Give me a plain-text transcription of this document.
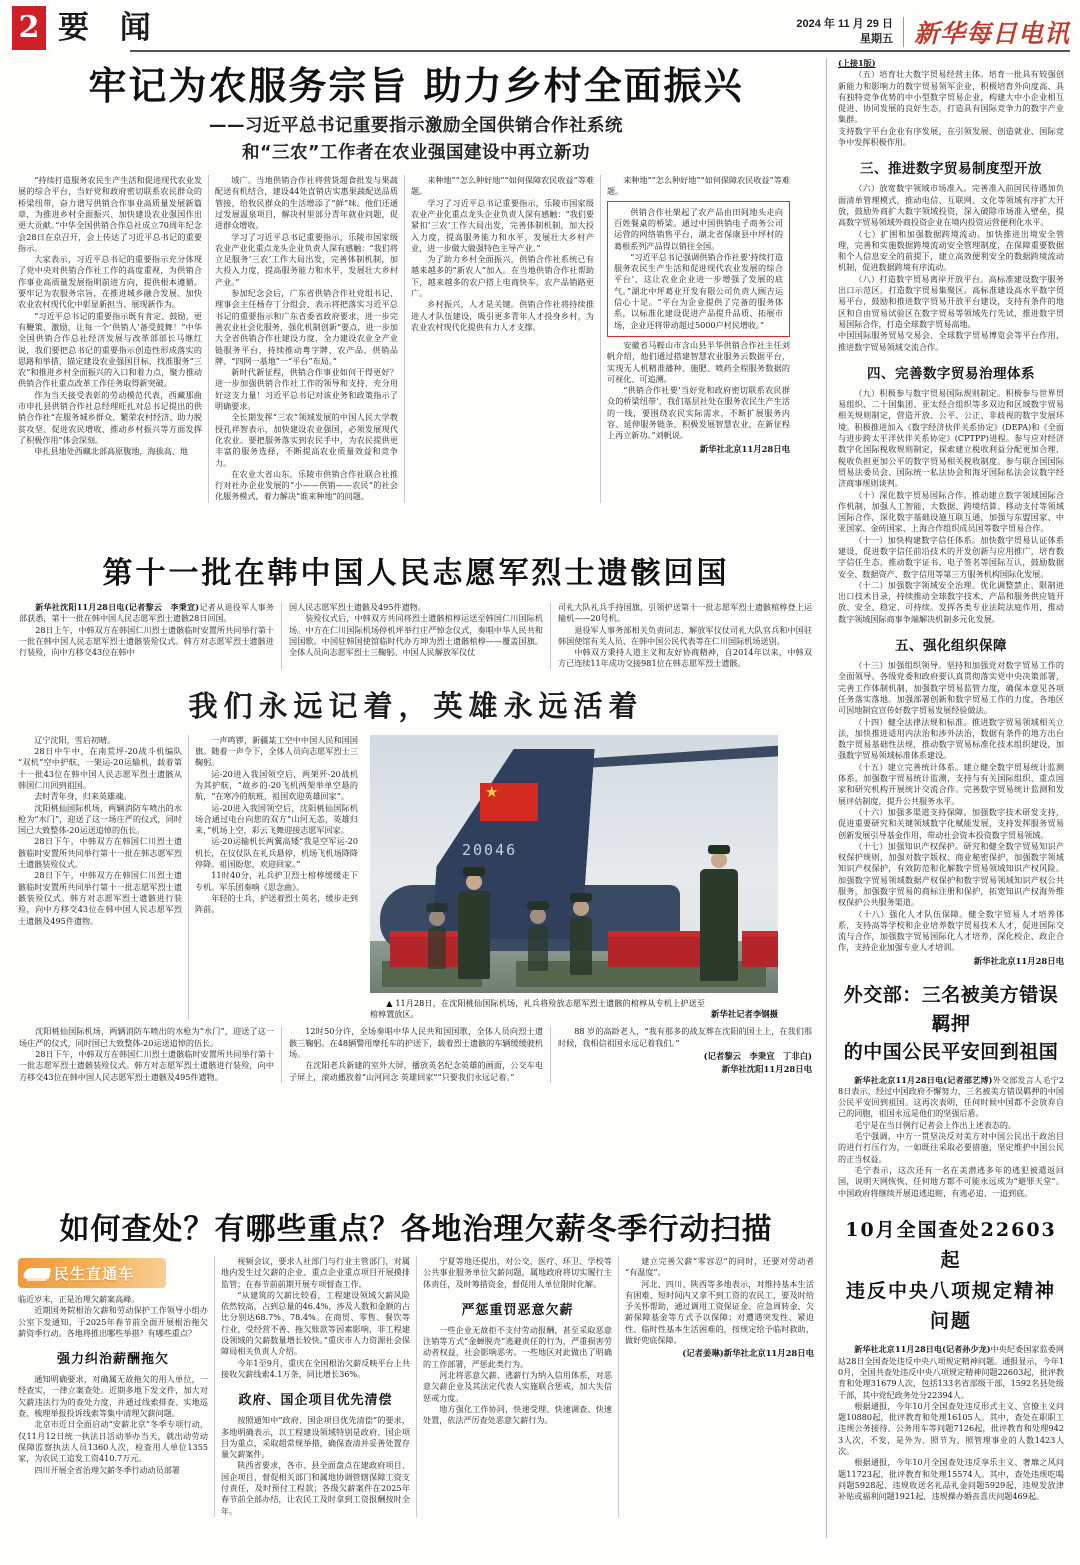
2 要 闻	2024 年 11 月 29 日
星期五 新华每日电讯
牢记为农服务宗旨 助力乡村全面振兴
——习近平总书记重要指示激励全国供销合作社系统
和“三农”工作者在农业强国建设中再立新功

“持续打造服务农民生产生活和促进现代农业发展的综合平台，当好党和政府密切联系农民群众的桥梁纽带，奋力谱写供销合作事业高质量发展新篇章，为推进乡村全面振兴、加快建设农业强国作出更大贡献。”中华全国供销合作总社成立70周年纪念会28日在京召开，会上传达了习近平总书记的重要指示。

大家表示，习近平总书记的重要指示充分体现了党中央对供销合作社工作的高度重视，为供销合作事业高质量发展指明前进方向，提供根本遵循。要牢记为农服务宗旨，在推进城乡融合发展、加快农业农村现代化中彰显新担当、展现新作为。

“习近平总书记的重要指示既有肯定、鼓励，更有鞭策、激励，让每一个‘供销人’备受鼓舞！”中华全国供销合作总社经济发展与改革部部长马继红说，我们要把总书记的重要指示创造性形成落实的思路和举措，锚定建设农业强国目标，找准服务“三农”和推进乡村全面振兴的入口和着力点，聚力推动供销合作社重点改革工作任务取得新突破。

作为当天接受表彰的劳动模范代表，西藏那曲市申扎县供销合作社总经理旺扎对总书记提出的供销合作社“在服务城乡群众、繁荣农村经济、助力脱贫攻坚、促进农民增收、推动乡村振兴等方面发挥了积极作用”体会深刻。

申扎县地处西藏北部高原腹地，海拔高、地

域广。当地供销合作社将营货超食批发与果蔬配送有机结合，建设44处直销店实惠果蔬配送品质管接，给牧民群众的生活增添了“鲜”味。他们还通过发展温泉项目，解决村里部分青年就业问题，促进群众增收。

学习了习近平总书记重要指示，乐陵市国家级农业产业化重点龙头企业负责人深有感触：“我们将立足服务‘三农’工作大局出发，完善体制机制，加大投入力度，提高服务能力和水平，发展壮大乡村产业。”

参加纪念会后，广东省供销合作社党组书记、理事会主任杨存丁分组会、表示将把落实习近平总书记的重要指示和广东省委省政府要求，进一步完善农业社会化服务，强化机制创新“要点，进一步加大全省供销合作社建设力度，全力建设农业全产业链服务平台，持续推动粤字牌、农产品、供销品牌、“四网一基地”一“平台”布局。”

新时代新征程，供销合作事业如何干得更好？进一步加强供销合作社工作的领导和支持，充分用好这支力量！习近平总书记对该业务和政策指示了明确要求。

全长期发挥“三农”领域发展的中国人民大学教授孔祥智表示，加快建设农业强国，必须发展现代化农业。要把服务落实到农民手中，为农民提供更丰富的服务选择，不断提高农业质量效益和竞争力。

在农业大省山东，乐陵市供销合作社联合社推行对社办企业发展的“小——供销——农民”的社会化服务模式，着力解决“谁来种地”的问题。

来种地”“怎么种好地”“如何保障农民收益”等难题。

学习了习近平总书记重要指示，乐陵市国家级农业产业化重点龙头企业负责人深有感触：“我们要紧扣‘三农’工作大局出发，完善体制机制，加大投入力度，提高服务能力和水平，发展壮大乡村产业，进一步做大做强特色主导产业。”

为了助力乡村全面振兴，供销合作社系统已有越来越多的“新农人”加入。在当地供销合作社帮助下，越来越多的农户搭上电商快车，农产品销路更广。

乡村振兴，人才是关键。供销合作社将持续推进人才队伍建设，吸引更多青年人才投身乡村，为农业农村现代化提供有力人才支撑。

来种地”“怎么种好地”“如何保障农民收益”等难题。

供销合作社架起了农产品由田间地头走向百姓餐桌的桥梁。通过中国供销电子商务公司运营的网络销售平台，湖北省保康县中坪村的葛根系列产品得以销往全国。

“习近平总书记强调供销合作社要‘持续打造服务农民生产生活和促进现代农业发展的综合平台’，这让农业企业进一步增强了发展的底气。”湖北中坪葛业开发有限公司负责人顾吉运信心十足。“平台为企业提供了完备的服务体系，以标准化建设促进产品提升品质、拓展市场，企业还将带动超过5000户村民增收。”

安徽省马鞍山市含山县半华供销合作社主任刘帆介绍，他们通过搭建智慧农业服务云数据平台，实现无人机精准播种、施肥、喷药全程服务数据的可视化、可追溯。

“供销合作社要‘当好党和政府密切联系农民群众的桥梁纽带’，我们基层社处在服务农民生产生活的一线，要围绕农民实际需求，不断扩展服务内容、延伸服务链条，积极发展智慧农业，在新征程上再立新功。”刘帆说。

新华社北京11月28日电
第十一批在韩中国人民志愿军烈士遗骸回国

新华社沈阳11月28日电(记者黎云　李秉宣)记者从退役军人事务部获悉，第十一批在韩中国人民志愿军烈士遗骸28日回国。

28日上午，中韩双方在韩国仁川烈士遗骸临时安置所共同举行第十一批在韩中国人民志愿军烈士遗骸装殓仪式。韩方对志愿军烈士遗骸进行装殓，向中方移交43位在韩中

国人民志愿军烈士遗骸及495件遗物。

装殓仪式后，中韩双方共同将烈士遗骸棺椁运送至韩国仁川国际机场。中方在仁川国际机场停机坪举行庄严悼念仪式，奏唱中华人民共和国国歌。中国驻韩国使馆临时代办方坤为烈士遗骸棺椁——覆盖国旗。全体人员向志愿军烈士三鞠躬。中国人民解放军仪仗

司礼大队礼兵手持国旗，引领护送第十一批志愿军烈士遗骸棺椁登上运输机——20号机。

退役军人事务部相关负责同志、解放军仪仗司礼大队官兵和中国驻韩国使馆有关人员、在韩中国公民代表等在仁川国际机场送别。

中韩双方秉持人道主义和友好协商精神，自2014年以来，中韩双方已连续11年成功交接981位在韩志愿军烈士遗骸。

我们永远记着，英雄永远活着

辽宁沈阳，雪后初晴。

28日中午中，在南荒坪-20战斗机编队“双机”空中护航，一架运-20运输机，载着第十一批43位在韩中国人民志愿军烈士遗骸从韩国仁川回到祖国。

去时青年身，归来英雄魂。

沈阳桃仙国际机场，两辆消防车喷出的水枪为“水门”，迎送了这一场庄严的仪式，同时国已大致整体-20运送追悼的伍长。

28日下午，中韩双方在韩国仁川烈士遗骸临时安置所共同举行第十一批在韩志愿军烈士遗骸装殓仪式。

28日下午，中韩双方在韩国仁川烈士遗骸临时安置所共同举行第十一批志愿军烈士遗骸装殓仪式。韩方对志愿军烈士遗骸进行装殓，向中方移交43位在韩中国人民志愿军烈士遗骸及495件遗物。

一声鸣锣，新疆某工空中中国人民和国国旗。随着一声令下，全体人员向志愿军烈士三鞠躬。

运-20进入我国领空后，两架歼-20战机为其护航，“故乡的-20飞机两架举单空悬的航，“在寒冷的航班，祖国欢迎英雄回家”。

运-20进入我国领空后，沈阳桃仙国际机场合通过电台向您的双方“山河无恙，英雄归来，”机场上空，彩云飞舞迎接志愿军回家。

运-20运输机长两翼高矮“我是空军运-20机长，在仪仗队在礼兵悬停，机场飞机场降降停降。祖国盼您，欢迎回家。”

11时40分，礼兵护卫烈士棺椁缓缓走下专机。军乐团奏响《思念曲》。

年轻的士兵，护送着烈士英名，缓步走到阵前。

★
20046
▲ 11月28日，在沈阳桃仙国际机场，礼兵将殓放志愿军烈士遗骸的棺椁从专机上护送至棺椁置放区。	新华社记者李钢摄

沈阳桃仙国际机场，两辆消防车喷出的水枪为“水门”，迎送了这一场庄严的仪式，同时国已大致整体-20运送追悼的伍长。

28日下午，中韩双方在韩国仁川烈士遗骸临时安置所共同举行第十一批志愿军烈士遗骸装殓仪式。韩方对志愿军烈士遗骸进行装殓，向中方移交43位在韩中国人民志愿军烈士遗骸及495件遗物。

12时50分许，全场奏唱中华人民共和国国歌，全体人员向烈士遗骸三鞠躬。在48辆警用摩托车的护送下，载着烈士遗骸的车辆缓缓驶机场。

在沈阳老兵新建的室外大屏，播放英名纪念英雄的画面，公交车电子屏上，滚动播放着“山河同念 英雄回家”“只要我们永远记着。”

88 岁的高龄老人，“我有那多的战友葬在沈阳的国土上，在我们那时候，我相信祖国永远记着我们。”

(记者黎云　李秉宣　丁非白)
新华社沈阳11月28日电
如何查处？有哪些重点？各地治理欠薪冬季行动扫描
民生直通车

临近岁末，正是治理欠薪案高峰。

近期国务院根治欠薪和劳动保护工作领导小组办公室下发通知，于2025年春节前全面开展根治拖欠薪资季行动。各地将推出哪些举措？有哪些重点？

强力纠治薪酬拖欠

通知明确要求，对确属无故拖欠的用人单位，一经查实，一律立案查处。近期多地下发文件，加大对欠薪违法行为的查处力度，并通过线索排查、实地巡查、梳理举报投诉线索等集中清理欠薪问题。

北京市近日全面启动“安薪北京”冬季专项行动，仅11月12日统一执法日活动举办当天，就出动劳动保障监察执法人员1360人次，检查用人单位1355家，为农民工追发工资410.7万元。

四川开展全省治理欠薪冬季行动动员部署

视频会议，要求人社部门与行业主管部门，对属地内发生过欠薪的企业、重点企业重点项目开展摸排监管；在春节前前期开展专项督查工作。

“从建筑的欠薪比较看，工程建设领域欠薪风险依然较高，占到总量的46.4%，涉及人数和金额的占比分别达68.7%、78.4%。在商贸、零售、餐饮等行业，受经营不善、拖欠账款等因素影响，非工程建设领域的欠薪数量增长较快。”重庆市人力资源社会保障局相关负责人介绍。

今年1至9月，重庆在全国根治欠薪反映平台上共接收欠薪线索4.1万条，同比增长36%。

政府、国企项目优先清偿

按照通知中“政府、国企项目优先清偿”的要求，多地明确表示，以工程建设领域特别是政府、国企项目为重点，采取超常规举措，确保查清并妥善处置存量欠薪案件。

陕西省要求，各市、县全面盘点在建政府项目、国企项目，督促相关部门和属地协调管辖保障工资支付责任，及时预付工程款；各级欠薪案件在2025年春节前全部办结，让农民工及时拿到工资报酬按时全年。

宁夏等地还提出，对公交、医疗、环卫、学校等公共事业服务单位欠薪问题，属地政府将切实履行主体责任，及时筹措资金，督促用人单位限时化解。

严惩重罚恶意欠薪

一些企业无故拒不支付劳动报酬，甚至采取恶意注销等方式“金蝉脱壳”逃避责任的行为，严重损害劳动者权益，社会影响恶劣。一些地区对此做出了明确的工作部署，严惩此类行为。

河北将恶意欠薪、逃薪行为纳入信用体系，对恶意欠薪企业及其法定代表人实施联合惩戒，加大失信惩戒力度。

地方强化工作协同，快速受理、快速调查、快速处置，依法严厉查处恶意欠薪行为。

建立完善欠薪“零容忍”的同时，还要对劳动者“有温度”。

河北、四川、陕西等多地表示，对维持基本生活有困难、短时间内又拿不到工资的农民工，要及时给予关怀帮助，通过调用工资保证金、应急周转金、欠薪保障基金等方式予以保障；对遭遇突发性、紧迫性、临时性基本生活困难的，按规定给予临时救助，做好兜底保障。

(记者姜琳)新华社北京11月28日电

(上接1版)

（五）培育壮大数字贸易经营主体。培育一批具有较强创新能力和影响力的数字贸易领军企业，积极培育外向度高、具有独特竞争优势的中小型数字贸易企业，构建大中小企业相互促进、协同发展的良好生态，打造具有国际竞争力的数字产业集群。

支持数字平台企业有序发展，在引领发展、创造就业、国际竞争中发挥积极作用。

三、推进数字贸易制度型开放

（六）放宽数字领域市场准入。完善准入前国民待遇加负面清单管理模式，推动电信、互联网、文化等领域有序扩大开放，鼓励外商扩大数字领域投资，深入破除市场准入壁垒，提高数字贸易领域外商投资企业在境内投资运营便利化水平。

（七）扩围和加强数据跨境流动。加快推进出境安全管理，完善和实施数据跨境流动安全管理制度，在保障重要数据和个人信息安全的前提下，建立高效便利安全的数据跨境流动机制，促进数据跨境有序流动。

（八）打造数字贸易离岸开放平台。高标准建设数字服务出口示范区，打造数字贸易集聚区。高标准建设高水平数字贸易平台，鼓励和推进数字贸易开放平台建设，支持有条件的地区和自由贸易试验区在数字贸易等领域先行先试，推进数字贸易国际合作，打造全球数字贸易高地。

中国国际服务贸易交易会、全球数字贸易博览会等平台作用，推进数字贸易领域交流合作。

四、完善数字贸易治理体系

（九）积极参与数字贸易国际规则制定。积极参与世界贸易组织、二十国集团、亚太经合组织等多双边和区域数字贸易相关规则制定，营造开放、公平、公正、非歧视的数字发展环境。积极推进加入《数字经济伙伴关系协定》(DEPA)和《全面与进步跨太平洋伙伴关系协定》(CPTPP)进程。参与应对经济数字化国际税收规则制定，探索建立税收利益分配更加合理、税收负担更加公平的数字贸易相关税收制度。参与联合国国际贸易法委员会、国际统一私法协会和海牙国际私法会议数字经济商事规则谈判。

（十）深化数字贸易国际合作。推动建立数字领域国际合作机制，加强人工智能、大数据、跨境结算、移动支付等领域国际合作，深化数字基础设施互联互通，加强与东盟国家、中亚国家、金砖国家、上海合作组织成员国等数字贸易合作。

（十一）加快构建数字信任体系。加快数字贸易认证体系建设，促进数字信任前沿技术的开发创新与应用推广，培育数字信任生态，推动数字证书、电子签名等国际互认，鼓励数据安全、数据资产、数字信用等第三方服务机构国际化发展。

（十二）加强数字领域安全治理。优化调整禁止、限制进出口技术目录，持续推动全球数字技术、产品和服务供应链开放、安全、稳定、可持续。发挥各类专业法院法庭作用，推动数字领域国际商事争端解决机制多元化发展。

五、强化组织保障

（十三）加强组织领导。坚持和加强党对数字贸易工作的全面领导。各级党委和政府要认真贯彻落实党中央决策部署，完善工作体制机制，加强数字贸易监管力度，确保本意见各项任务落实落地。加强部署创新和数字贸易工作的力度，各地区可因地制宜宣传好数字贸易发展经验做法。

（十四）健全法律法规和标准。推进数字贸易领域相关立法，加快推进适用内法治和涉外法治，数据有条件的地方出台数字贸易基础性法规，推动数字贸易标准化技术组织建设，加强数字贸易领域标准体系建设。

（十五）建立完善统计体系。建立健全数字贸易统计监测体系，加强数字贸易统计监测，支持与有关国际组织、重点国家和研究机构开展统计交流合作。完善数字贸易统计监测和发展评估制度，提升公共服务水平。

（十六）加强多渠道支持保障。加强数字技术研发支持，促进重要研究和关键领域数字化赋能发展，支持发挥服务贸易创新发展引导基金作用，带动社会资本投资数字贸易领域。

（十七）加强知识产权保护。研究和健全数字贸易知识产权保护规则，加强对数字版权、商业秘密保护，加强数字领域知识产权保护，有效防范和化解数字贸易领域知识产权风险。加强数字贸易领域数据产权保护和数字贸易领域知识产权公共服务，加强数字贸易的商标注册和保护，拓宽知识产权海外维权保护公共服务渠道。

（十八）强化人才队伍保障。健全数字贸易人才培养体系，支持高等学校和企业培养数字贸易技术人才，促进国际交流与合作，加强数字贸易国际化人才培养，深化校企、政企合作，支持企业加强专业人才培训。

新华社北京11月28日电
外交部：三名被美方错误羁押
的中国公民平安回到祖国

新华社北京11月28日电(记者邵艺博)外交部发言人毛宁28日表示，经过中国政府不懈努力，三名被美方错误羁押的中国公民平安回到祖国。这再次表明，任何时候中国都不会放弃自己的同胞，祖国永远是他们的坚强后盾。

毛宁是在当日例行记者会上作出上述表态的。

毛宁强调，中方一贯坚决反对美方对中国公民出于政治目的进行打压行为，一如既往采取必要措施，坚定维护中国公民的正当权益。

毛宁表示，这次还有一名在美潜逃多年的逃犯被遣返回国，说明天网恢恢，任何地方都不可能永远成为“避罪天堂”。中国政府将继续开展追逃追赃，有逃必追、一追到底。

10月全国查处22603起
违反中央八项规定精神问题

新华社北京11月28日电(记者孙少龙)中央纪委国家监委网站28日全国查处违反中央八项规定精神问题。通报显示，今年10月，全国共查处违反中央八项规定精神问题22603起，批评教育和处理31679人次，包括133名省部级干部，1592名县处级干部，其中党纪政务处分22394人。

根据通报，今年10月全国查处违反形式主义、官僚主义问题10880起，批评教育和处理16105人。其中，查处在职职工违规公务接待、公务用车等问题7126起，批评教育和处理9423人次，不发，是外为、照节为、照管理事业的人数1423人次。

根据通报，今年10月全国查处违反享乐主义、奢靡之风问题11723起，批评教育和处理15574人。其中，查处违规吃喝问题5928起、违规收送名礼品礼金问题5929起，违规发放津补贴或福利问题1921起，违规操办婚丧喜庆问题469起。
